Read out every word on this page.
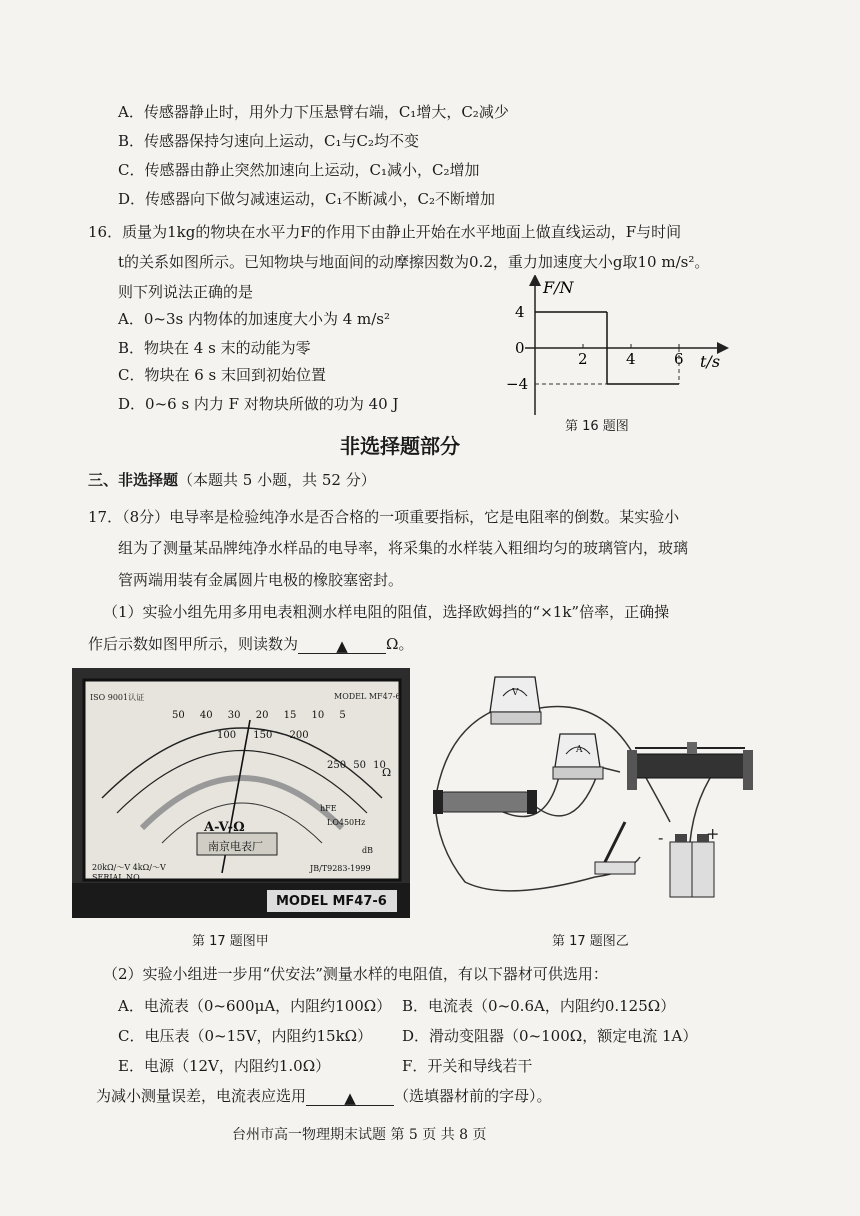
A．传感器静止时，用外力下压悬臂右端，C₁增大，C₂减少
B．传感器保持匀速向上运动，C₁与C₂均不变
C．传感器由静止突然加速向上运动，C₁减小，C₂增加
D．传感器向下做匀减速运动，C₁不断减小，C₂不断增加
16．质量为1kg的物块在水平力F的作用下由静止开始在水平地面上做直线运动，F与时间
t的关系如图所示。已知物块与地面间的动摩擦因数为0.2，重力加速度大小g取10 m/s²。
则下列说法正确的是
A．0~3s 内物体的加速度大小为 4 m/s²
B．物块在 4 s 末的动能为零
C．物块在 6 s 末回到初始位置
D．0~6 s 内力 F 对物块所做的功为 40 J
2	4	6
4
0
−4
F/N
t/s
第 16 题图
非选择题部分
三、非选择题（本题共 5 小题，共 52 分）
17．（8分）电导率是检验纯净水是否合格的一项重要指标，它是电阻率的倒数。某实验小
组为了测量某品牌纯净水样品的电导率，将采集的水样装入粗细均匀的玻璃管内，玻璃
管两端用装有金属圆片电极的橡胶塞密封。
（1）实验小组先用多用电表粗测水样电阻的阻值，选择欧姆挡的“×1k”倍率，正确操
作后示数如图甲所示，则读数为	▲	Ω。
ISO 9001认证	MODEL MF47-6
50 40 30 20 15 10 5
100 150 200
250 50 10
Ω
hFE
LO450Hz
dB
A-V-Ω
南京电表厂
JB/T9283-1999
20kΩ/～V 4kΩ/～V
SERIAL NO.
MODEL MF47-6
V
A
-	+
第 17 题图甲	第 17 题图乙
（2）实验小组进一步用“伏安法”测量水样的电阻值，有以下器材可供选用：
A．电流表（0~600μA，内阻约100Ω） B．电流表（0~0.6A，内阻约0.125Ω）
C．电压表（0~15V，内阻约15kΩ） D．滑动变阻器（0~100Ω，额定电流 1A）
E．电源（12V，内阻约1.0Ω）	F．开关和导线若干
为减小测量误差，电流表应选用	▲	（选填器材前的字母）。
台州市高一物理期末试题 第 5 页 共 8 页
